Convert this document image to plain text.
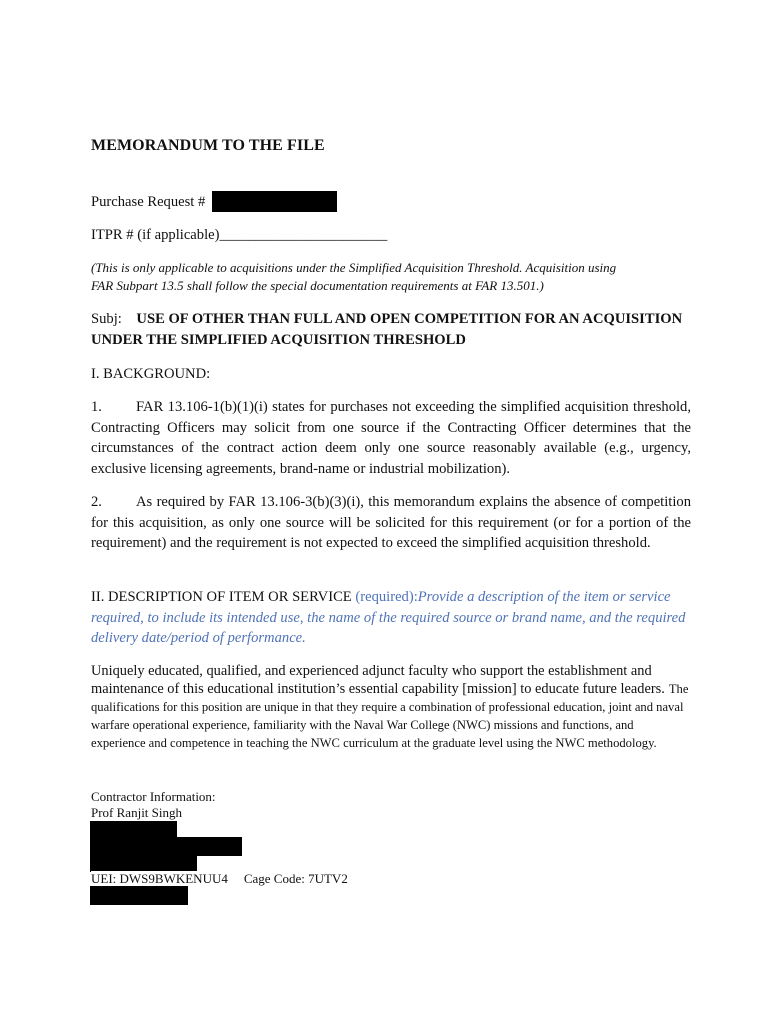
MEMORANDUM TO THE FILE
Purchase Request #
ITPR # (if applicable)_______________________
(This is only applicable to acquisitions under the Simplified Acquisition Threshold. Acquisition using
FAR Subpart 13.5 shall follow the special documentation requirements at FAR 13.501.)
Subj: USE OF OTHER THAN FULL AND OPEN COMPETITION FOR AN ACQUISITION UNDER THE SIMPLIFIED ACQUISITION THRESHOLD
I. BACKGROUND:
1. FAR 13.106-1(b)(1)(i) states for purchases not exceeding the simplified acquisition threshold, Contracting Officers may solicit from one source if the Contracting Officer determines that the circumstances of the contract action deem only one source reasonably available (e.g., urgency, exclusive licensing agreements, brand-name or industrial mobilization).
2. As required by FAR 13.106-3(b)(3)(i), this memorandum explains the absence of competition for this acquisition, as only one source will be solicited for this requirement (or for a portion of the requirement) and the requirement is not expected to exceed the simplified acquisition threshold.
II. DESCRIPTION OF ITEM OR SERVICE (required):Provide a description of the item or service required, to include its intended use, the name of the required source or brand name, and the required delivery date/period of performance.
Uniquely educated, qualified, and experienced adjunct faculty who support the establishment and maintenance of this educational institution’s essential capability [mission] to educate future leaders. The qualifications for this position are unique in that they require a combination of professional education, joint and naval warfare operational experience, familiarity with the Naval War College (NWC) missions and functions, and experience and competence in teaching the NWC curriculum at the graduate level using the NWC methodology.
Contractor Information:
Prof Ranjit Singh
UEI: DWS9BWKENUU4 Cage Code: 7UTV2
